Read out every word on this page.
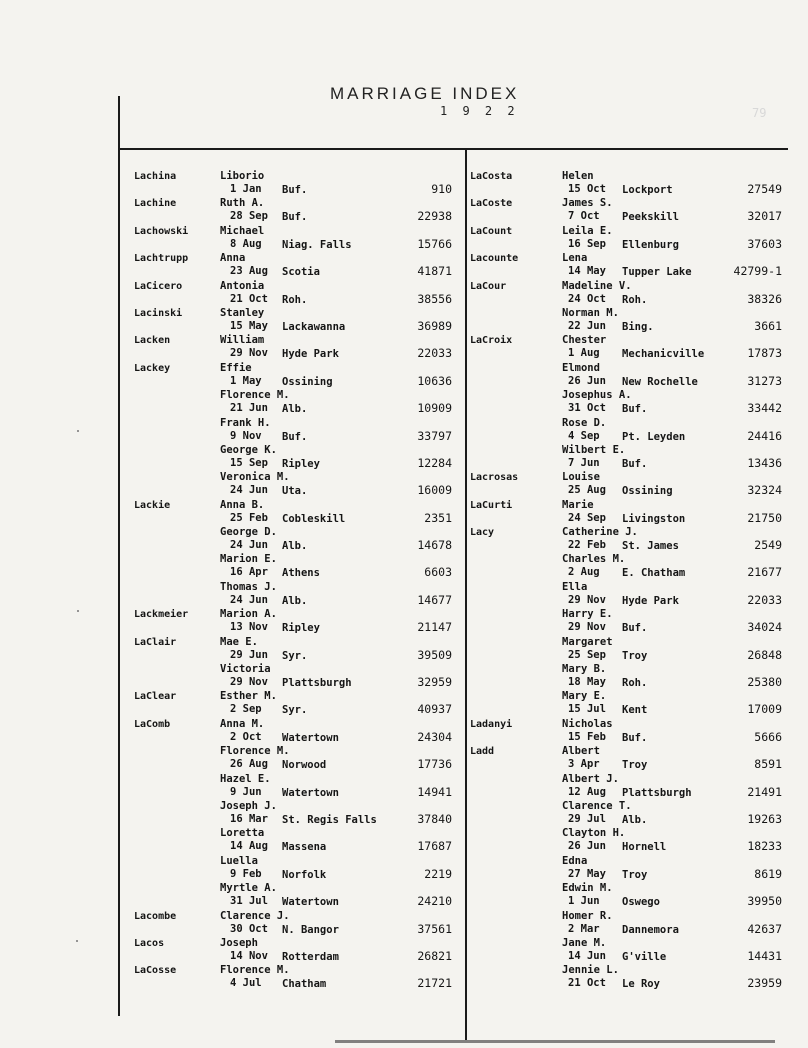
MARRIAGE INDEX
1 9 2 2	79
Lachina	Liborio
1 Jan Buf.	910
Lachine	Ruth A.
28 Sep Buf.	22938
Lachowski	Michael
8 Aug Niag. Falls	15766
Lachtrupp	Anna
23 Aug Scotia	41871
LaCicero	Antonia
21 Oct Roh.	38556
Lacinski	Stanley
15 May Lackawanna	36989
Lacken	William
29 Nov Hyde Park	22033
Lackey	Effie
1 May Ossining	10636
Florence M.
21 Jun Alb.	10909
Frank H.
9 Nov Buf.	33797
George K.
15 Sep Ripley	12284
Veronica M.
24 Jun Uta.	16009
Lackie	Anna B.
25 Feb Cobleskill	2351
George D.
24 Jun Alb.	14678
Marion E.
16 Apr Athens	6603
Thomas J.
24 Jun Alb.	14677
Lackmeier	Marion A.
13 Nov Ripley	21147
LaClair	Mae E.
29 Jun Syr.	39509
Victoria
29 Nov Plattsburgh	32959
LaClear	Esther M.
2 Sep Syr.	40937
LaComb	Anna M.
2 Oct Watertown	24304
Florence M.
26 Aug Norwood	17736
Hazel E.
9 Jun Watertown	14941
Joseph J.
16 Mar St. Regis Falls	37840
Loretta
14 Aug Massena	17687
Luella
9 Feb Norfolk	2219
Myrtle A.
31 Jul Watertown	24210
Lacombe	Clarence J.
30 Oct N. Bangor	37561
Lacos	Joseph
14 Nov Rotterdam	26821
LaCosse	Florence M.
4 Jul Chatham	21721
LaCosta	Helen
15 Oct Lockport	27549
LaCoste	James S.
7 Oct Peekskill	32017
LaCount	Leila E.
16 Sep Ellenburg	37603
Lacounte	Lena
14 May Tupper Lake	42799-1
LaCour	Madeline V.
24 Oct Roh.	38326
Norman M.
22 Jun Bing.	3661
LaCroix	Chester
1 Aug Mechanicville	17873
Elmond
26 Jun New Rochelle	31273
Josephus A.
31 Oct Buf.	33442
Rose D.
4 Sep Pt. Leyden	24416
Wilbert E.
7 Jun Buf.	13436
Lacrosas	Louise
25 Aug Ossining	32324
LaCurti	Marie
24 Sep Livingston	21750
Lacy	Catherine J.
22 Feb St. James	2549
Charles M.
2 Aug E. Chatham	21677
Ella
29 Nov Hyde Park	22033
Harry E.
29 Nov Buf.	34024
Margaret
25 Sep Troy	26848
Mary B.
18 May Roh.	25380
Mary E.
15 Jul Kent	17009
Ladanyi	Nicholas
15 Feb Buf.	5666
Ladd	Albert
3 Apr Troy	8591
Albert J.
12 Aug Plattsburgh	21491
Clarence T.
29 Jul Alb.	19263
Clayton H.
26 Jun Hornell	18233
Edna
27 May Troy	8619
Edwin M.
1 Jun Oswego	39950
Homer R.
2 Mar Dannemora	42637
Jane M.
14 Jun G'ville	14431
Jennie L.
21 Oct Le Roy	23959
